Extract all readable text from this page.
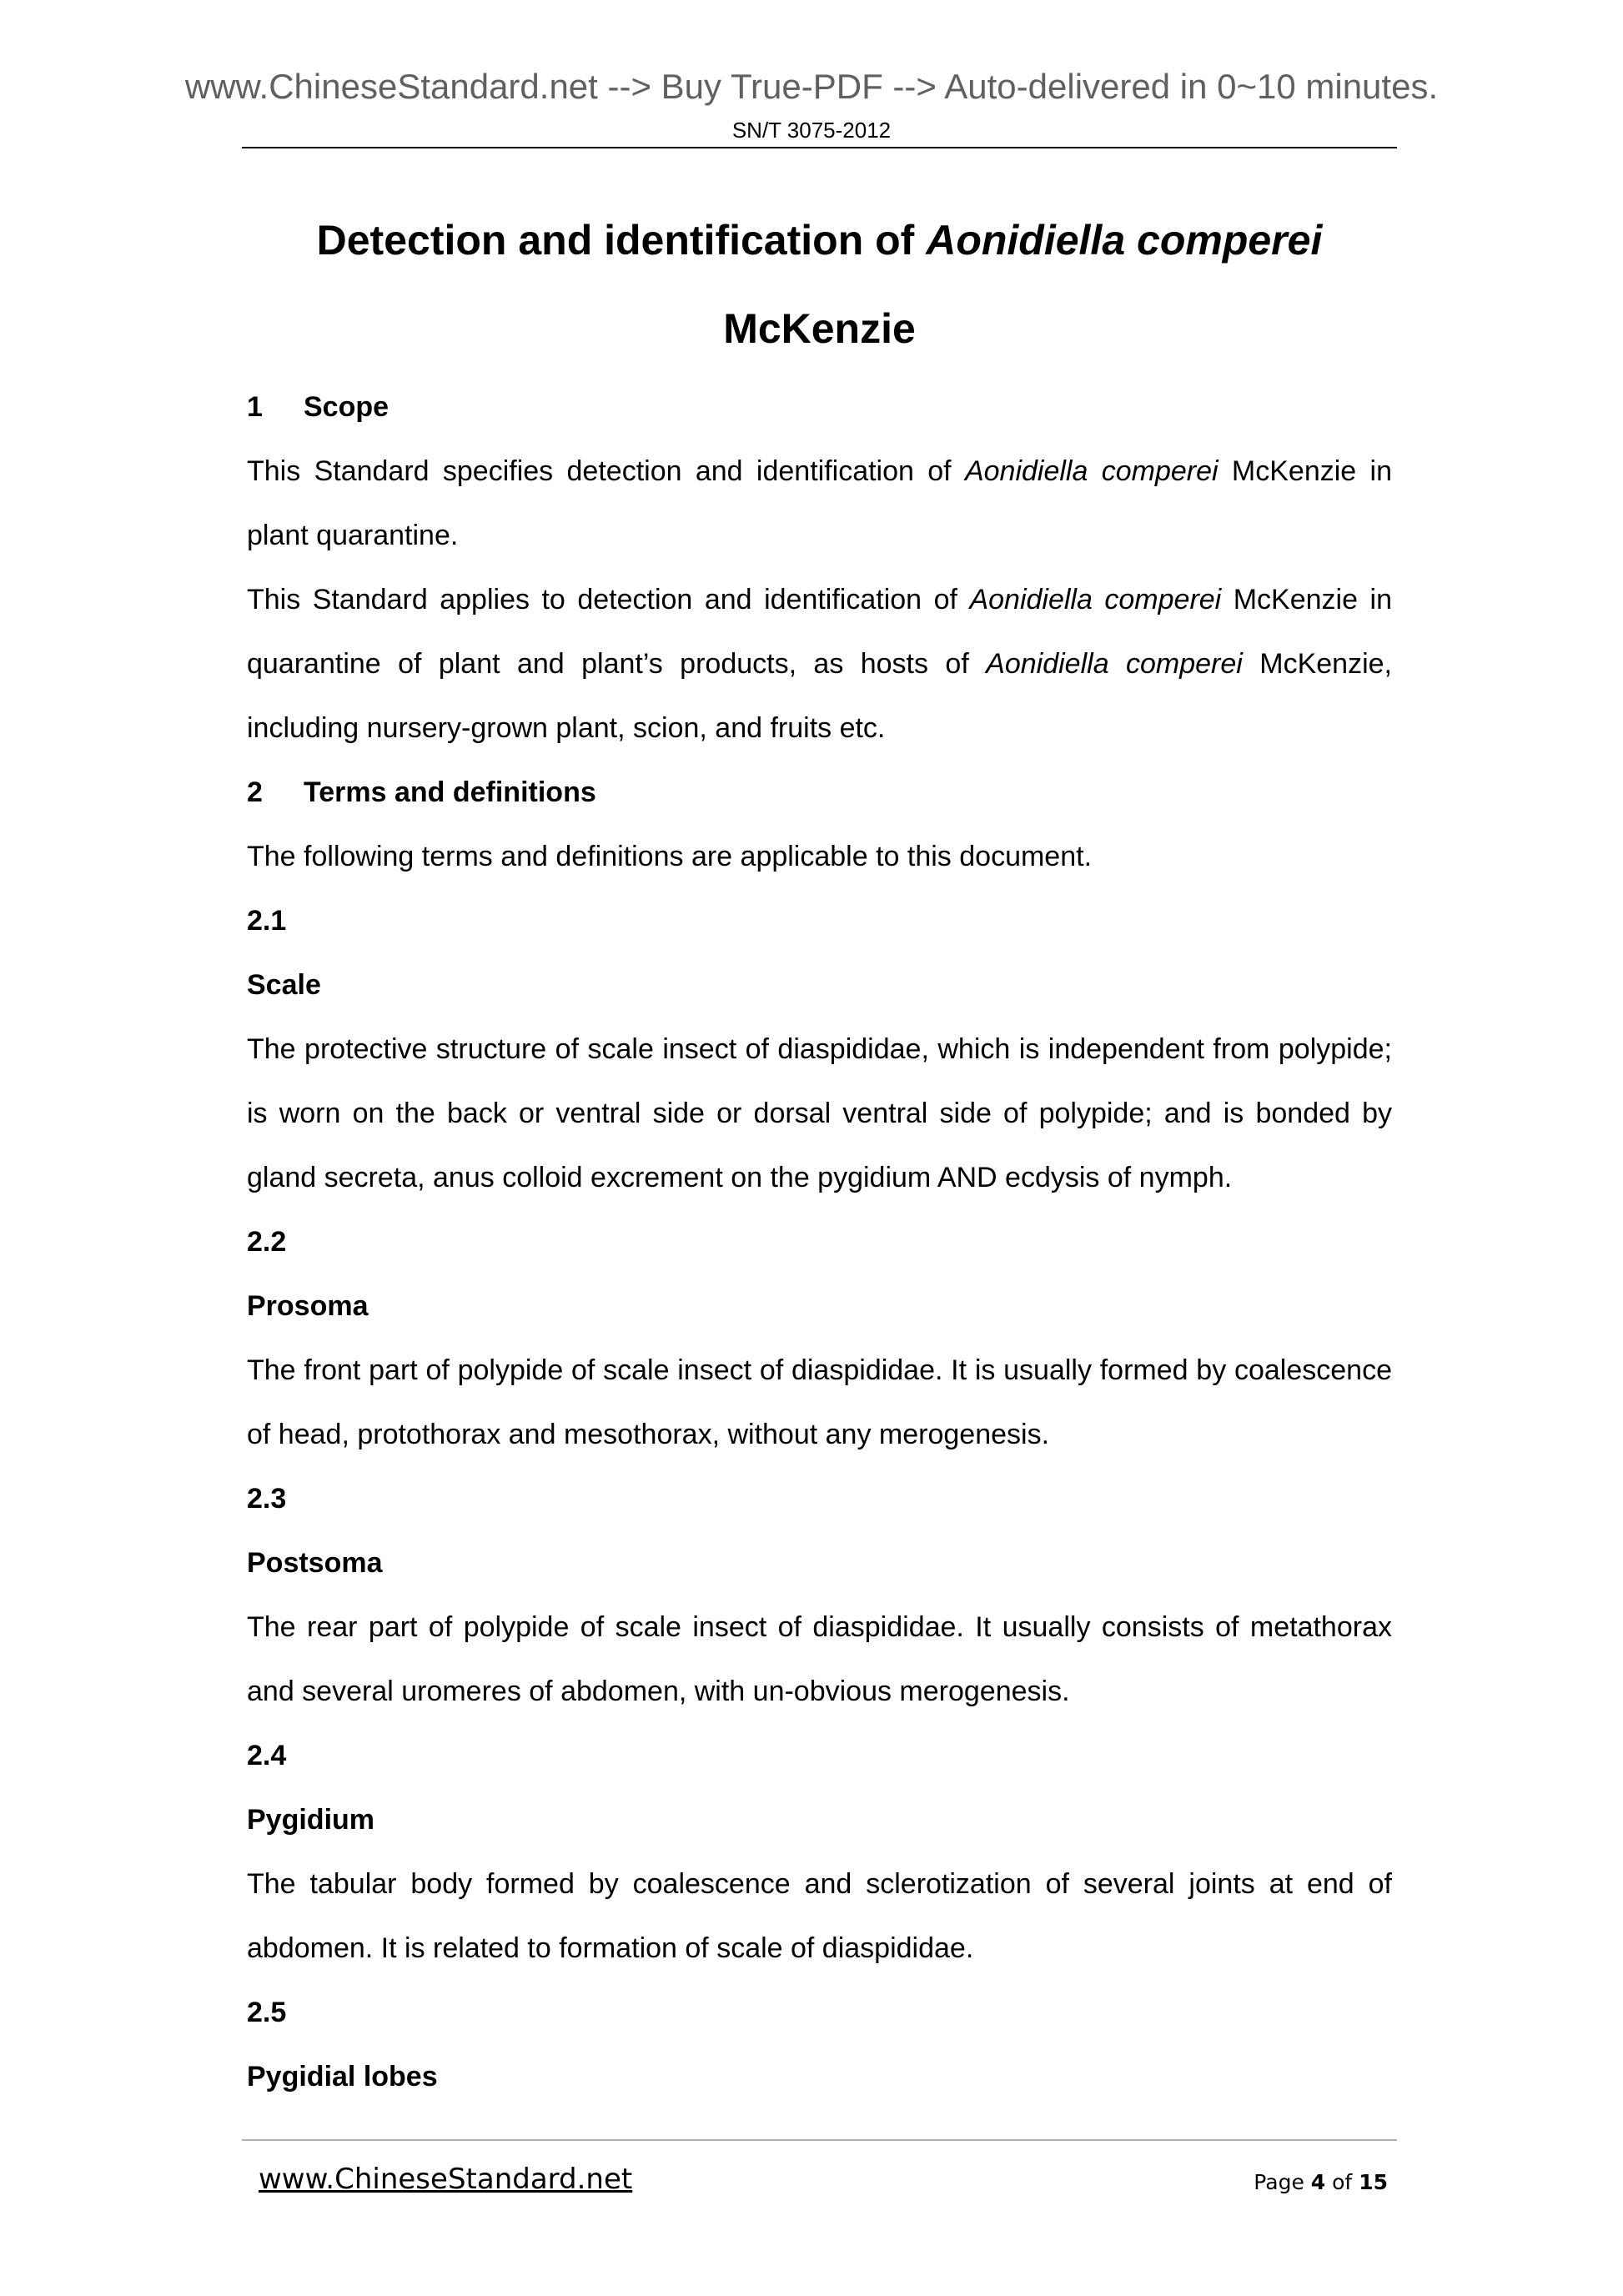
www.ChineseStandard.net --> Buy True-PDF --> Auto-delivered in 0~10 minutes.
SN/T 3075-2012
Detection and identification of Aonidiella comperei
McKenzie

1 Scope

This Standard specifies detection and identification of Aonidiella comperei McKenzie in plant quarantine.

This Standard applies to detection and identification of Aonidiella comperei McKenzie in quarantine of plant and plant’s products, as hosts of Aonidiella comperei McKenzie, including nursery-grown plant, scion, and fruits etc.

2 Terms and definitions

The following terms and definitions are applicable to this document.

2.1

Scale

The protective structure of scale insect of diaspididae, which is independent from polypide; is worn on the back or ventral side or dorsal ventral side of polypide; and is bonded by gland secreta, anus colloid excrement on the pygidium AND ecdysis of nymph.

2.2

Prosoma

The front part of polypide of scale insect of diaspididae. It is usually formed by coalescence of head, protothorax and mesothorax, without any merogenesis.

2.3

Postsoma

The rear part of polypide of scale insect of diaspididae. It usually consists of metathorax and several uromeres of abdomen, with un-obvious merogenesis.

2.4

Pygidium

The tabular body formed by coalescence and sclerotization of several joints at end of abdomen. It is related to formation of scale of diaspididae.

2.5

Pygidial lobes

www.ChineseStandard.net	Page 4 of 15
